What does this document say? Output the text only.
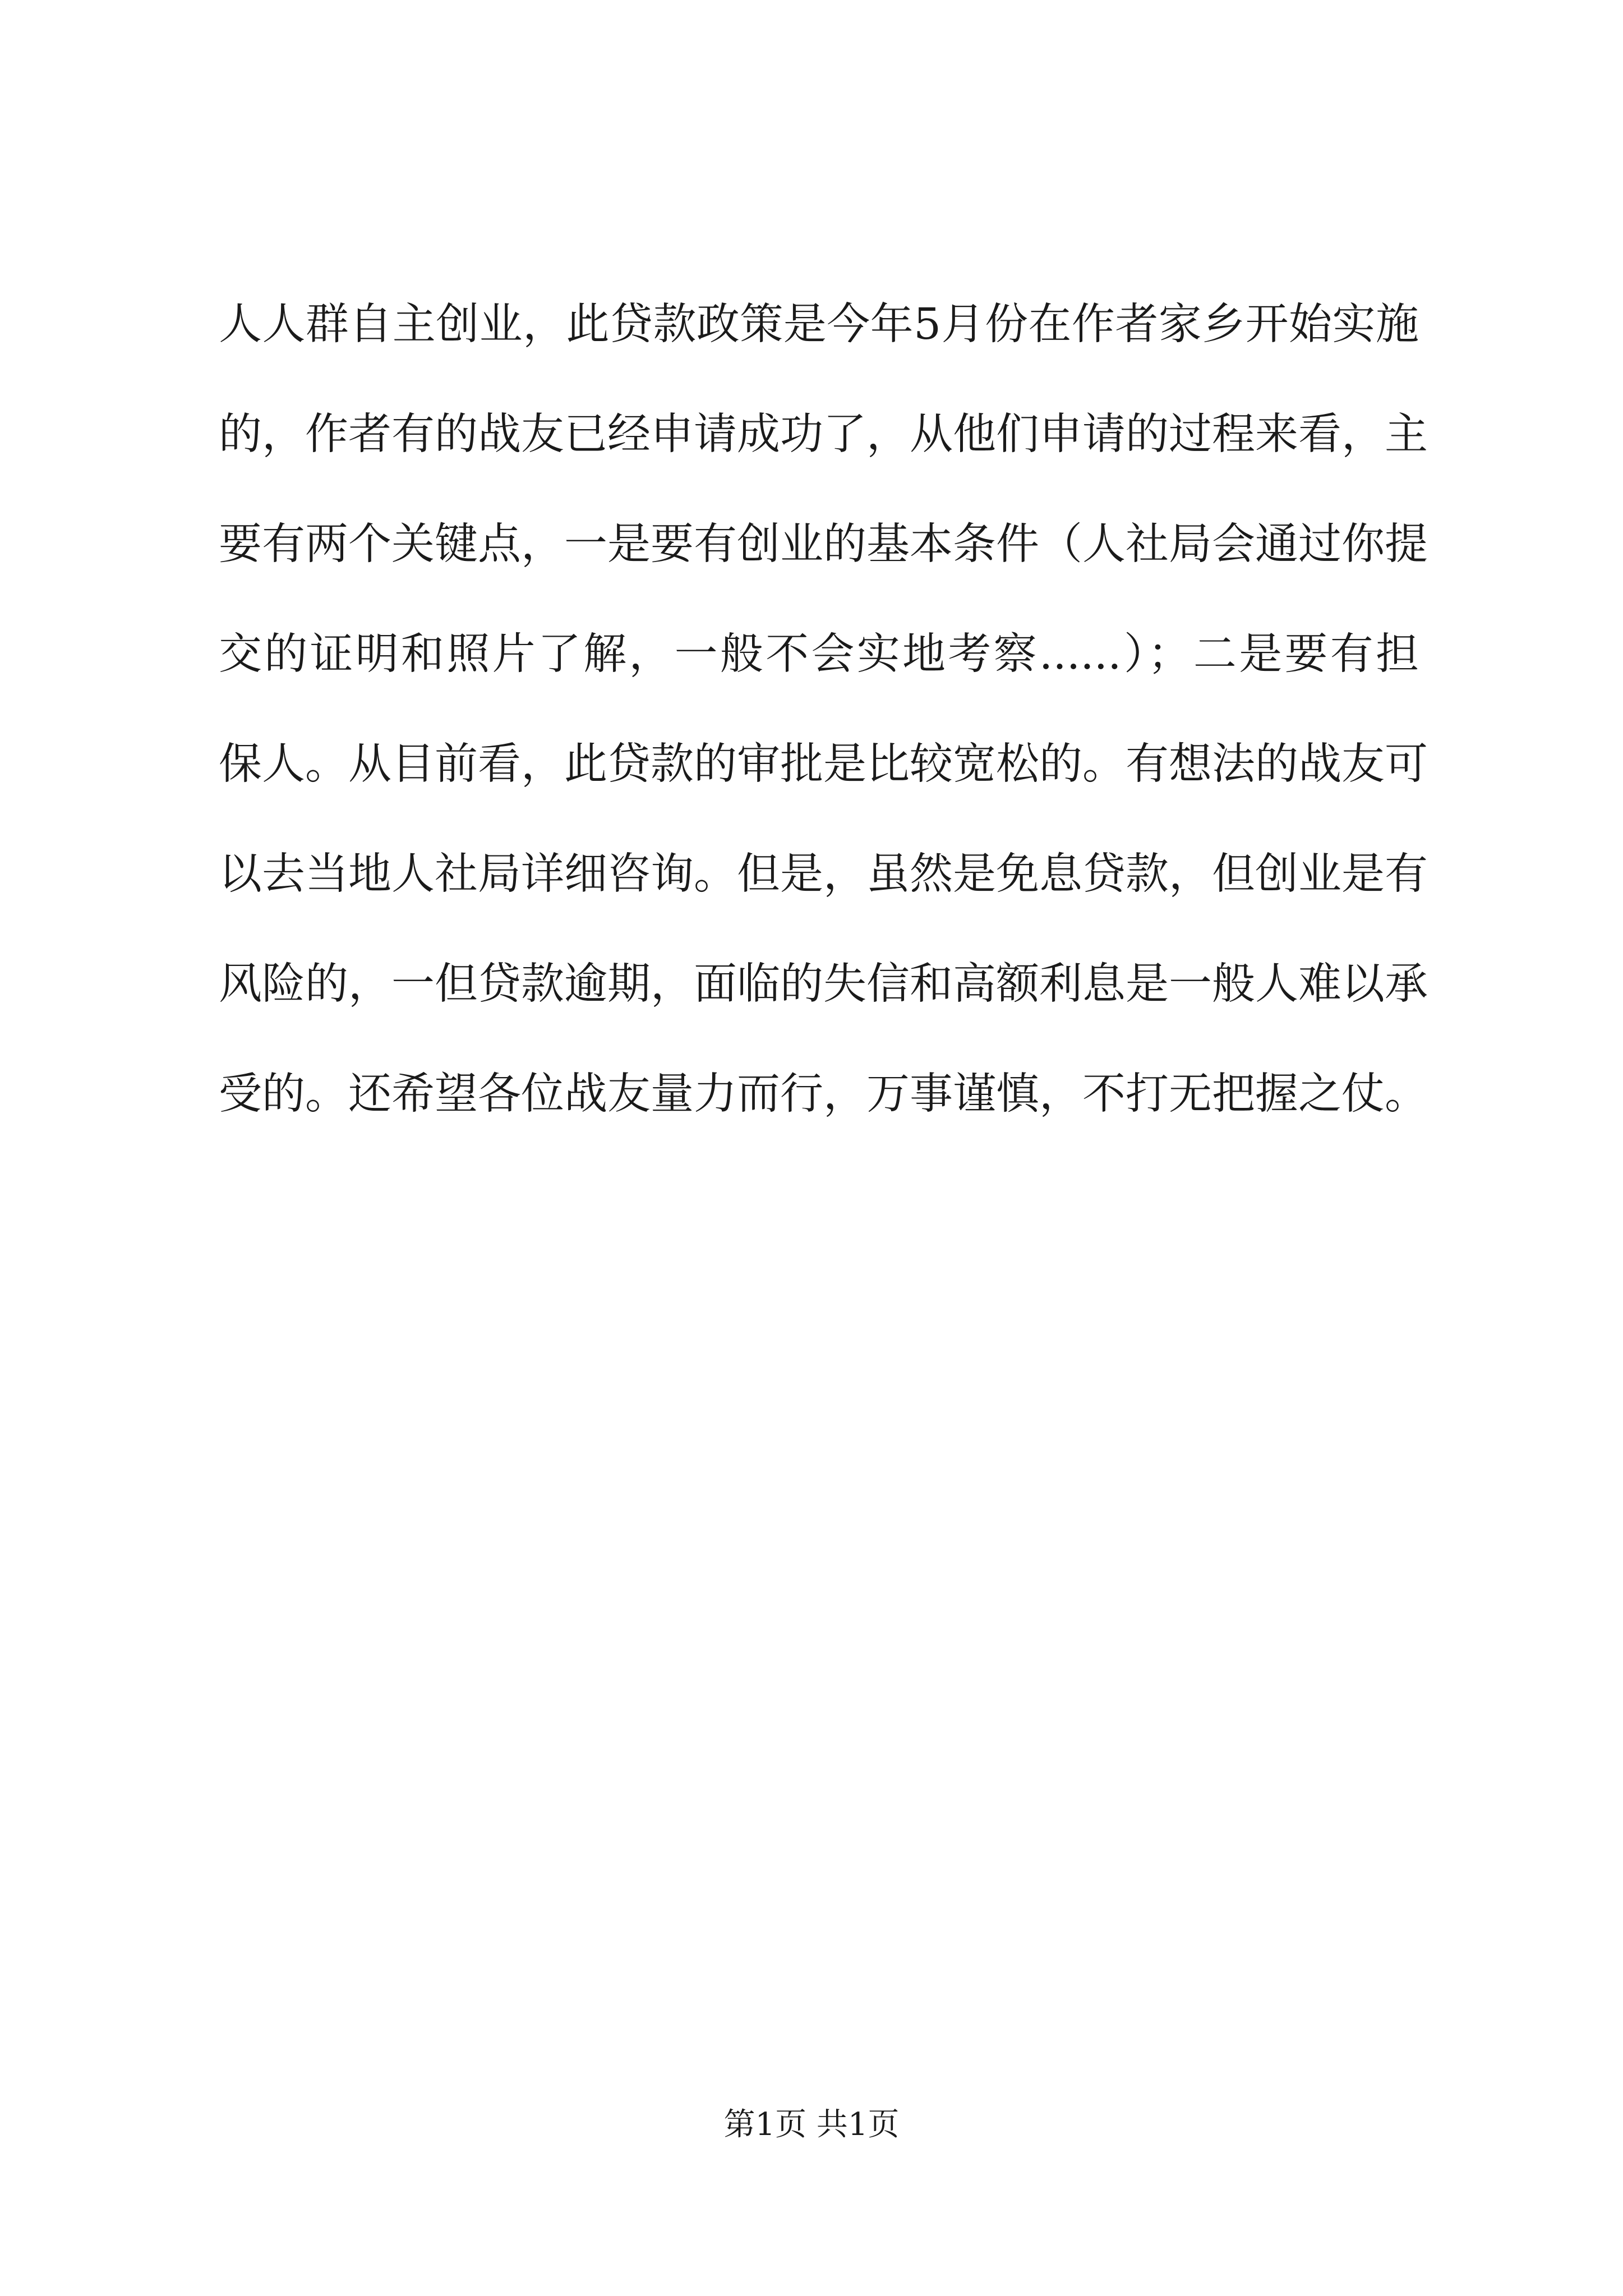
人人群自主创业，此贷款政策是今年5月份在作者家乡开始实施
的，作者有的战友已经申请成功了，从他们申请的过程来看，主
要有两个关键点，一是要有创业的基本条件（人社局会通过你提
交的证明和照片了解，一般不会实地考察......）；二是要有担
保人。从目前看，此贷款的审批是比较宽松的。有想法的战友可
以去当地人社局详细咨询。但是，虽然是免息贷款，但创业是有
风险的，一但贷款逾期，面临的失信和高额利息是一般人难以承
受的。还希望各位战友量力而行，万事谨慎，不打无把握之仗。
第1页 共1页
